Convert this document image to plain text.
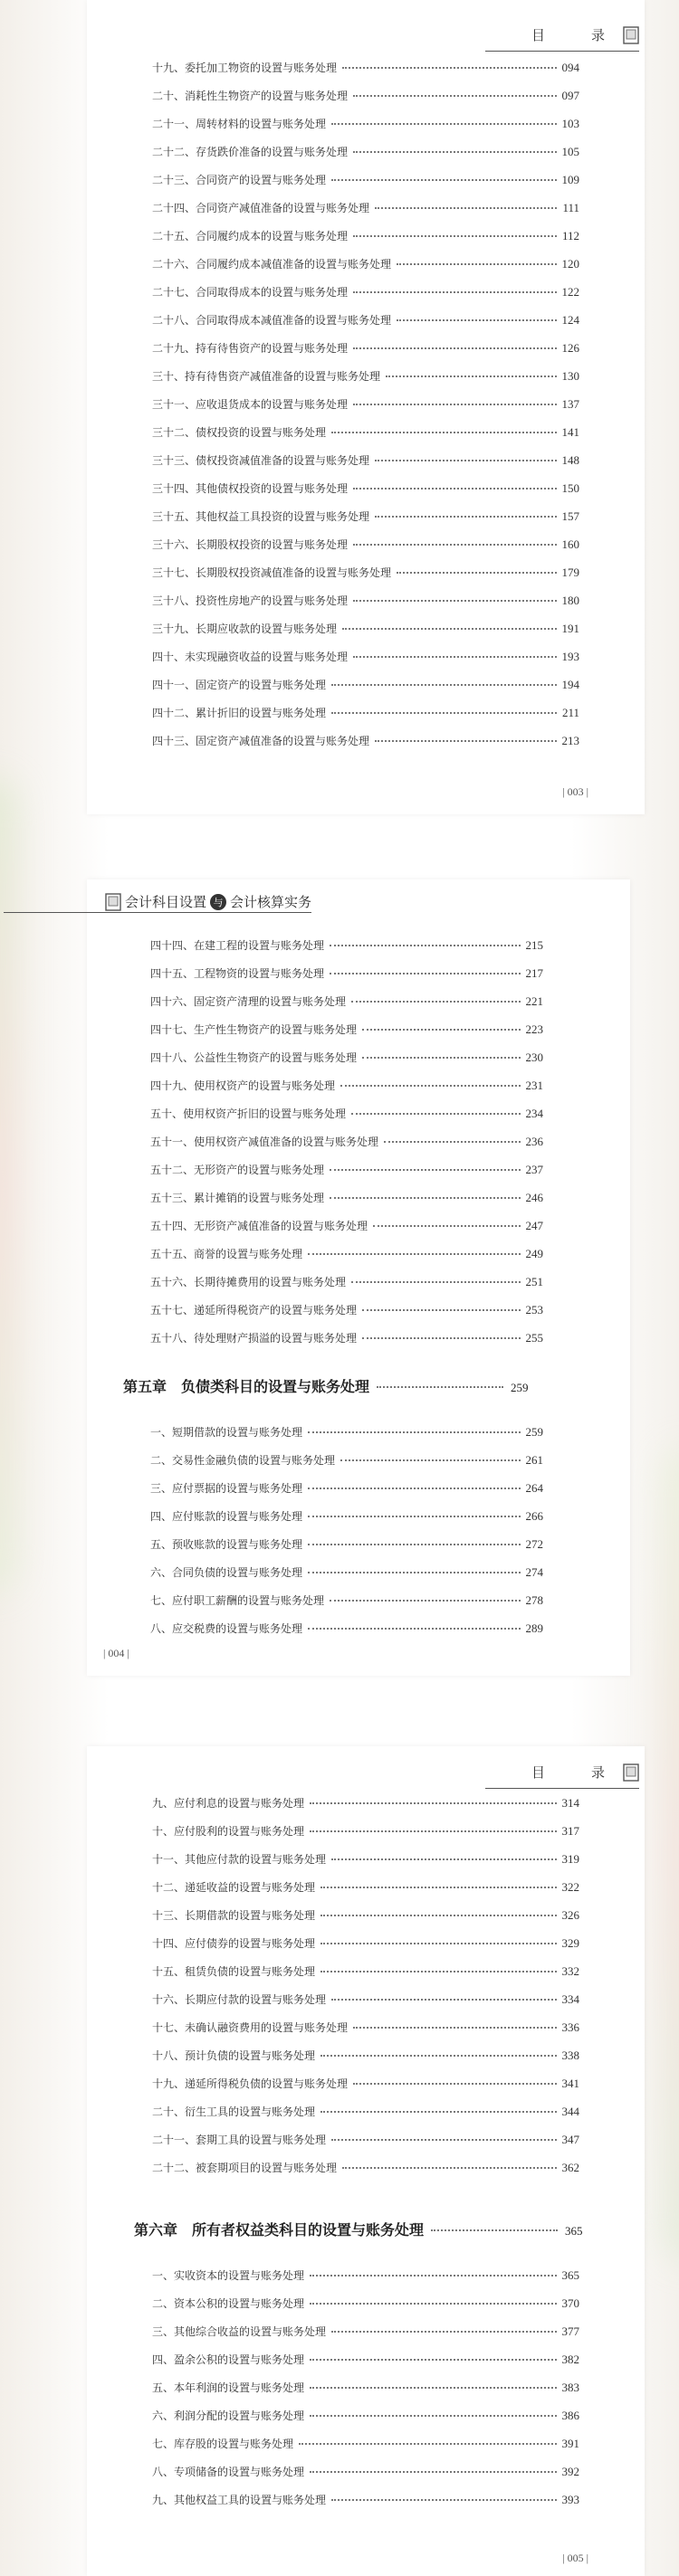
目　录
十九、委托加工物资的设置与账务处理	094
二十、消耗性生物资产的设置与账务处理	097
二十一、周转材料的设置与账务处理	103
二十二、存货跌价准备的设置与账务处理	105
二十三、合同资产的设置与账务处理	109
二十四、合同资产减值准备的设置与账务处理	111
二十五、合同履约成本的设置与账务处理	112
二十六、合同履约成本减值准备的设置与账务处理	120
二十七、合同取得成本的设置与账务处理	122
二十八、合同取得成本减值准备的设置与账务处理	124
二十九、持有待售资产的设置与账务处理	126
三十、持有待售资产减值准备的设置与账务处理	130
三十一、应收退货成本的设置与账务处理	137
三十二、债权投资的设置与账务处理	141
三十三、债权投资减值准备的设置与账务处理	148
三十四、其他债权投资的设置与账务处理	150
三十五、其他权益工具投资的设置与账务处理	157
三十六、长期股权投资的设置与账务处理	160
三十七、长期股权投资减值准备的设置与账务处理	179
三十八、投资性房地产的设置与账务处理	180
三十九、长期应收款的设置与账务处理	191
四十、未实现融资收益的设置与账务处理	193
四十一、固定资产的设置与账务处理	194
四十二、累计折旧的设置与账务处理	211
四十三、固定资产减值准备的设置与账务处理	213
| 003 |
会计科目设置 与 会计核算实务
四十四、在建工程的设置与账务处理	215
四十五、工程物资的设置与账务处理	217
四十六、固定资产清理的设置与账务处理	221
四十七、生产性生物资产的设置与账务处理	223
四十八、公益性生物资产的设置与账务处理	230
四十九、使用权资产的设置与账务处理	231
五十、使用权资产折旧的设置与账务处理	234
五十一、使用权资产减值准备的设置与账务处理	236
五十二、无形资产的设置与账务处理	237
五十三、累计摊销的设置与账务处理	246
五十四、无形资产减值准备的设置与账务处理	247
五十五、商誉的设置与账务处理	249
五十六、长期待摊费用的设置与账务处理	251
五十七、递延所得税资产的设置与账务处理	253
五十八、待处理财产损溢的设置与账务处理	255
第五章　负债类科目的设置与账务处理	259
一、短期借款的设置与账务处理	259
二、交易性金融负债的设置与账务处理	261
三、应付票据的设置与账务处理	264
四、应付账款的设置与账务处理	266
五、预收账款的设置与账务处理	272
六、合同负债的设置与账务处理	274
七、应付职工薪酬的设置与账务处理	278
八、应交税费的设置与账务处理	289
| 004 |
目　录
九、应付利息的设置与账务处理	314
十、应付股利的设置与账务处理	317
十一、其他应付款的设置与账务处理	319
十二、递延收益的设置与账务处理	322
十三、长期借款的设置与账务处理	326
十四、应付债券的设置与账务处理	329
十五、租赁负债的设置与账务处理	332
十六、长期应付款的设置与账务处理	334
十七、未确认融资费用的设置与账务处理	336
十八、预计负债的设置与账务处理	338
十九、递延所得税负债的设置与账务处理	341
二十、衍生工具的设置与账务处理	344
二十一、套期工具的设置与账务处理	347
二十二、被套期项目的设置与账务处理	362
第六章　所有者权益类科目的设置与账务处理	365
一、实收资本的设置与账务处理	365
二、资本公积的设置与账务处理	370
三、其他综合收益的设置与账务处理	377
四、盈余公积的设置与账务处理	382
五、本年利润的设置与账务处理	383
六、利润分配的设置与账务处理	386
七、库存股的设置与账务处理	391
八、专项储备的设置与账务处理	392
九、其他权益工具的设置与账务处理	393
| 005 |
